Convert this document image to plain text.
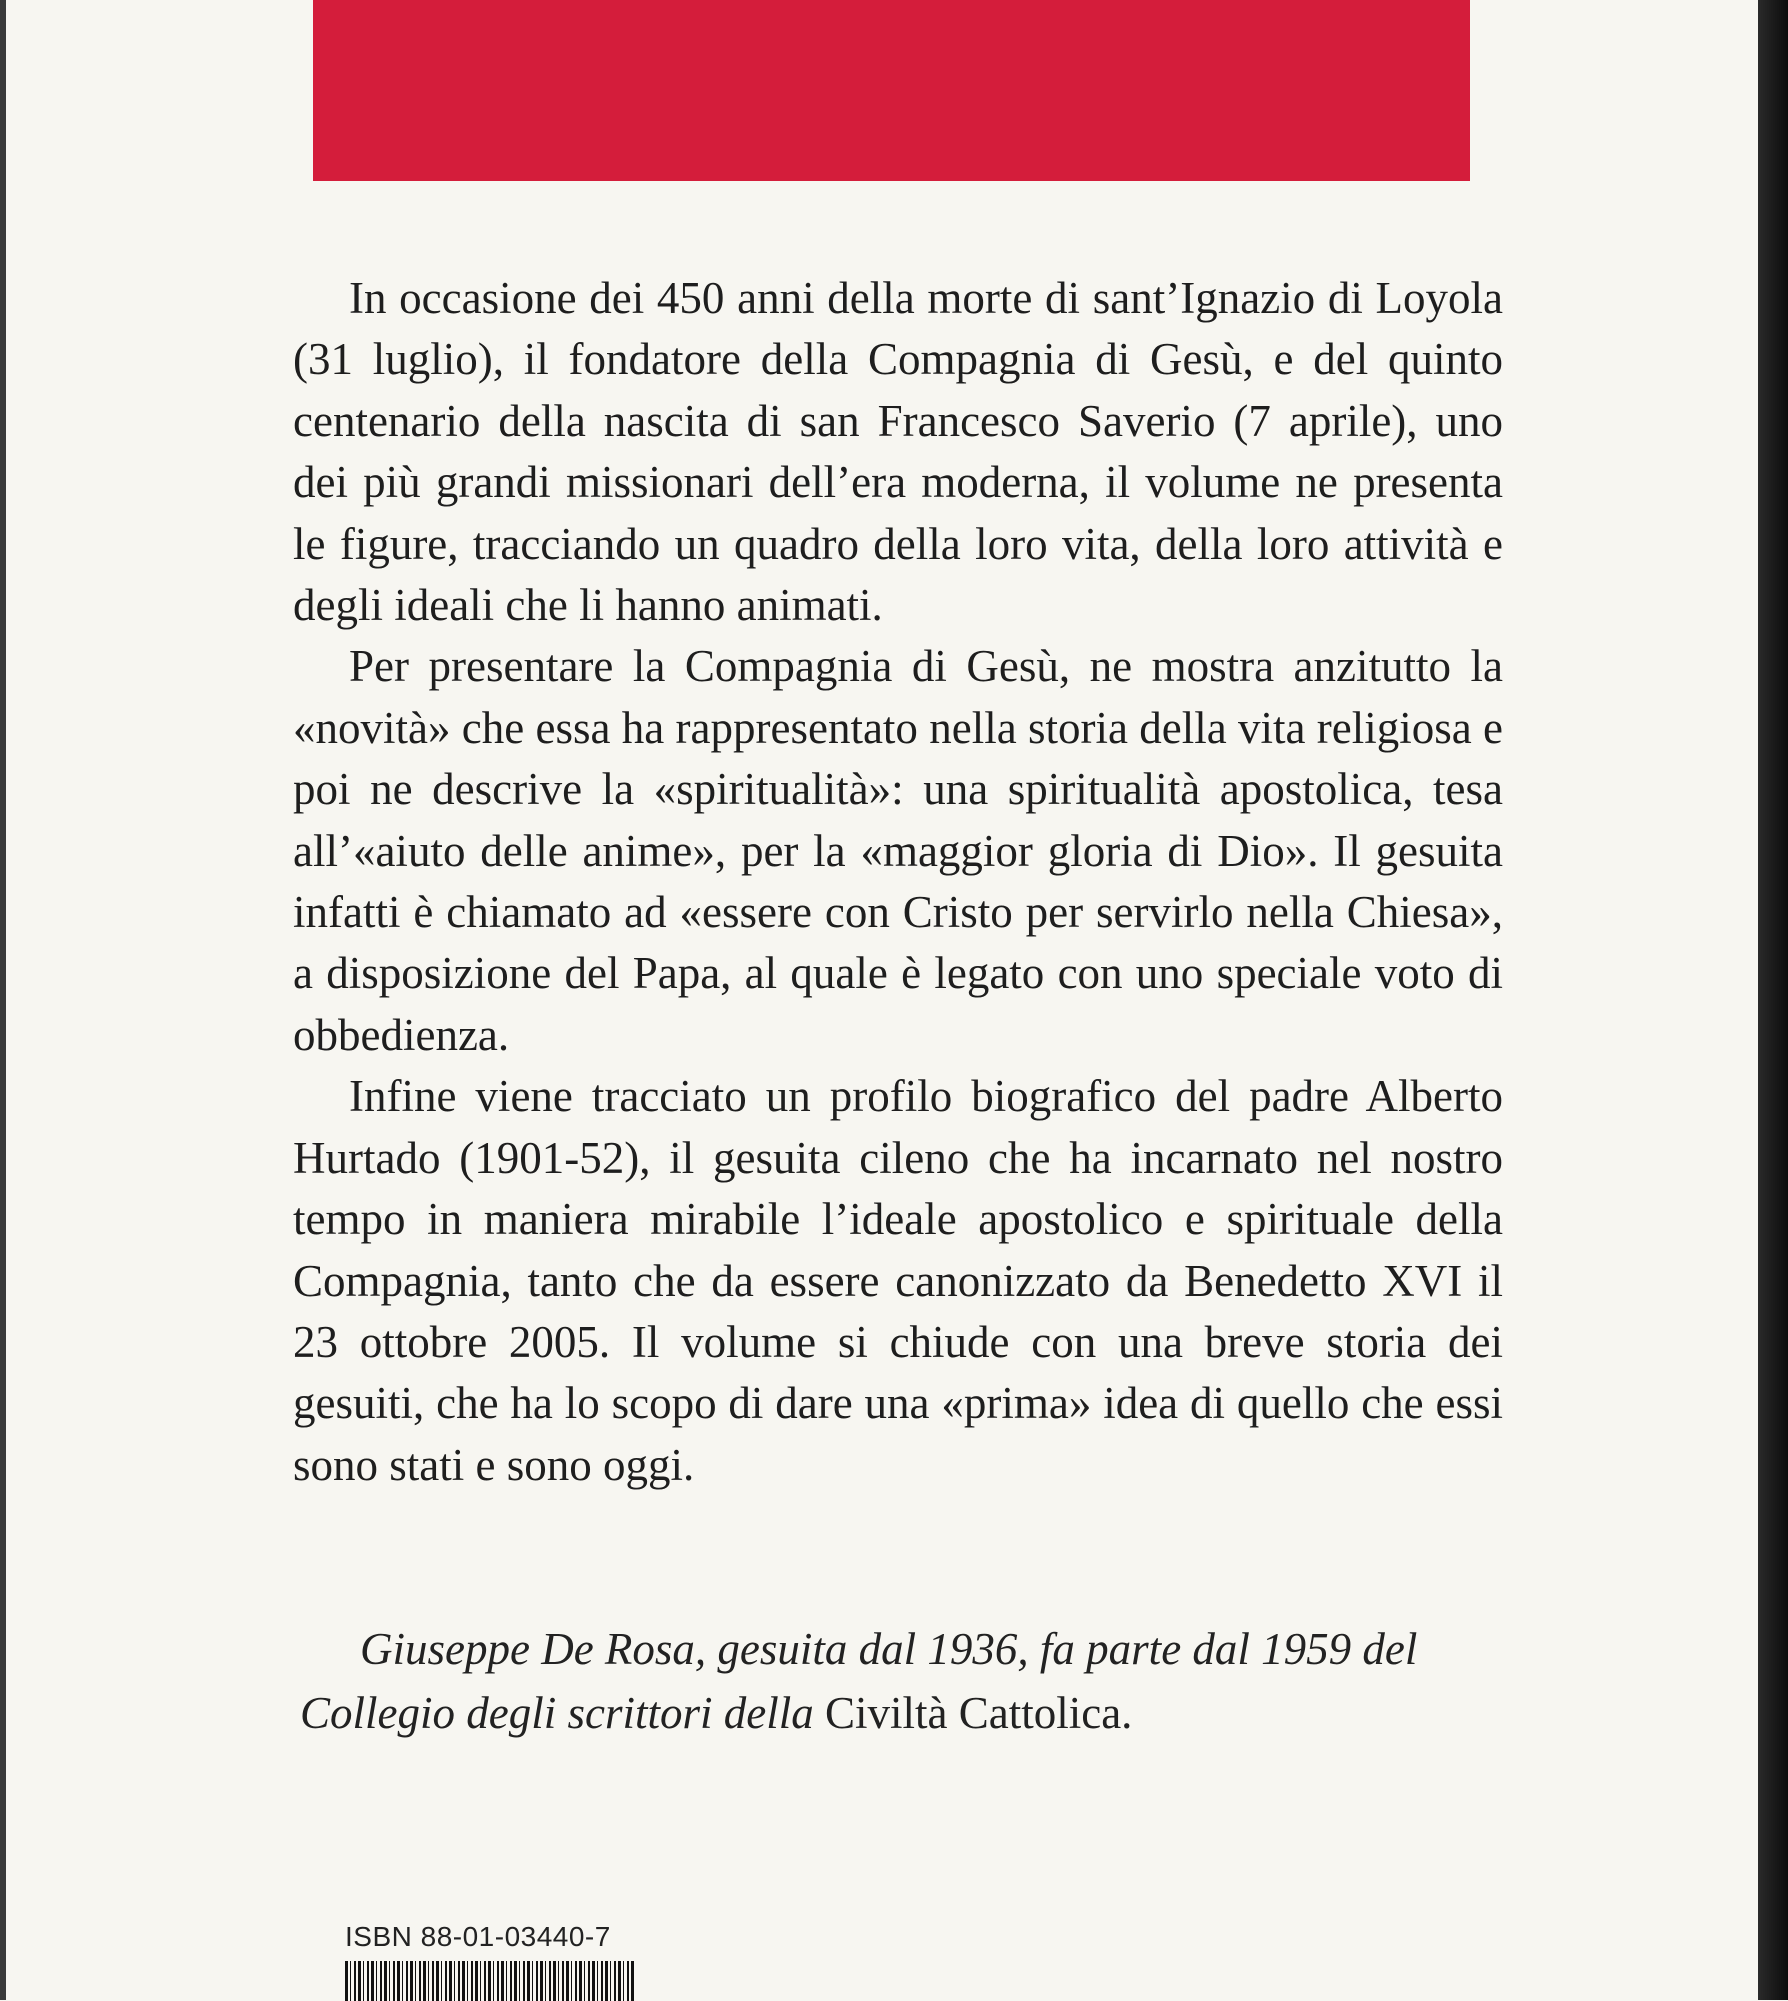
In occasione dei 450 anni della morte di sant’Ignazio di Loyola (31 luglio), il fondatore della Compagnia di Gesù, e del quinto centenario della nascita di san Francesco Saverio (7 aprile), uno dei più grandi missionari dell’era moderna, il volume ne presenta le figure, tracciando un quadro della loro vita, della loro attività e degli ideali che li hanno animati.

Per presentare la Compagnia di Gesù, ne mostra anzitutto la «novità» che essa ha rappresentato nella storia della vita religiosa e poi ne descrive la «spiritualità»: una spiritualità apostolica, tesa all’«aiuto delle anime», per la «maggior gloria di Dio». Il gesuita infatti è chiamato ad «essere con Cristo per servirlo nella Chiesa», a disposizione del Papa, al quale è legato con uno speciale voto di obbedienza.

Infine viene tracciato un profilo biografico del padre Alberto Hurtado (1901-52), il gesuita cileno che ha incarnato nel nostro tempo in maniera mirabile l’ideale apostolico e spirituale della Compagnia, tanto che da essere canonizzato da Benedetto XVI il 23 ottobre 2005. Il volume si chiude con una breve storia dei gesuiti, che ha lo scopo di dare una «prima» idea di quello che essi sono stati e sono oggi.

Giuseppe De Rosa, gesuita dal 1936, fa parte dal 1959 del Collegio degli scrittori della Civiltà Cattolica.

ISBN 88-01-03440-7
